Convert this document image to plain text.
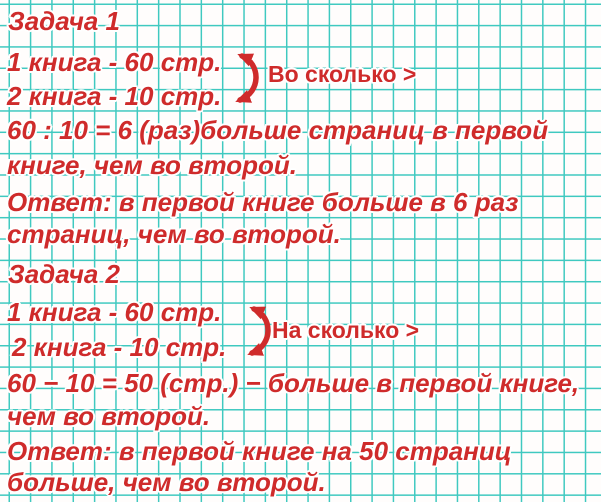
Задача 1
1 книга - 60 стр.
2 книга - 10 стр.
Во сколько >
60 : 10 = 6 (раз)больше страниц в первой
книге, чем во второй.
Ответ: в первой книге больше в 6 раз
страниц, чем во второй.
Задача 2
1 книга - 60 стр.
2 книга - 10 стр.
На сколько >
60 − 10 = 50 (стр.) − больше в первой книге,
чем во второй.
Ответ: в первой книге на 50 страниц
больше, чем во второй.
